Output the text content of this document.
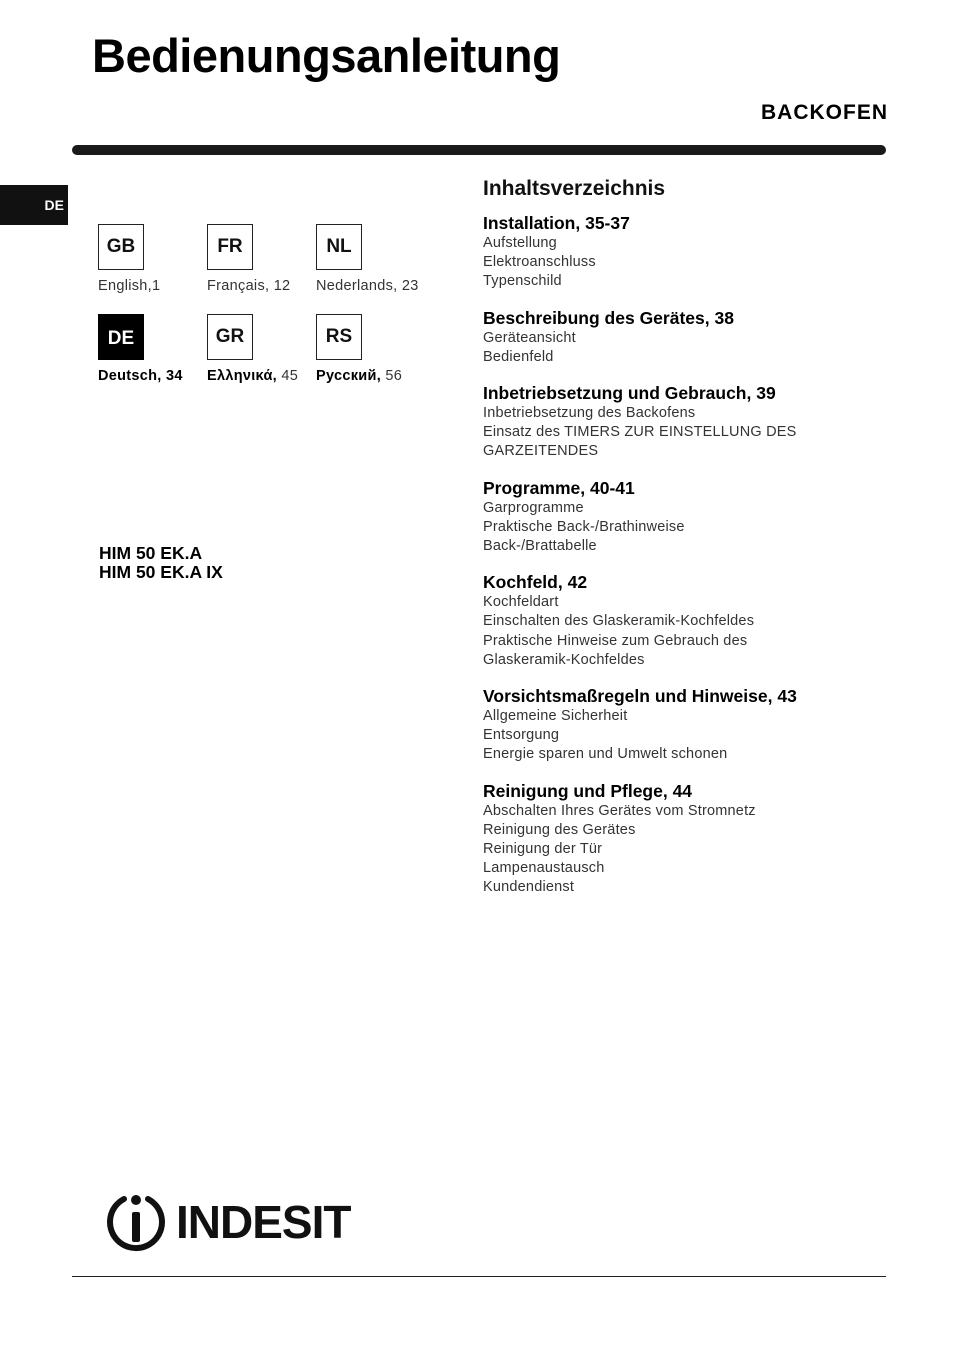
Bedienungsanleitung
BACKOFEN
DE
GB
English,1
FR
Français, 12
NL
Nederlands, 23
DE
Deutsch, 34
GR
Ελληνικά, 45
RS
Русский, 56
HIM 50 EK.A
HIM 50 EK.A IX
Inhaltsverzeichnis
Installation, 35-37
Aufstellung
Elektroanschluss
Typenschild
Beschreibung des Gerätes, 38
Geräteansicht
Bedienfeld
Inbetriebsetzung und Gebrauch, 39
Inbetriebsetzung des Backofens
Einsatz des TIMERS ZUR EINSTELLUNG DES
GARZEITENDES
Programme, 40-41
Garprogramme
Praktische Back-/Brathinweise
Back-/Brattabelle
Kochfeld, 42
Kochfeldart
Einschalten des Glaskeramik-Kochfeldes
Praktische Hinweise zum Gebrauch des
Glaskeramik-Kochfeldes
Vorsichtsmaßregeln und Hinweise, 43
Allgemeine Sicherheit
Entsorgung
Energie sparen und Umwelt schonen
Reinigung und Pflege, 44
Abschalten Ihres Gerätes vom Stromnetz
Reinigung des Gerätes
Reinigung der Tür
Lampenaustausch
Kundendienst
INDESIT
